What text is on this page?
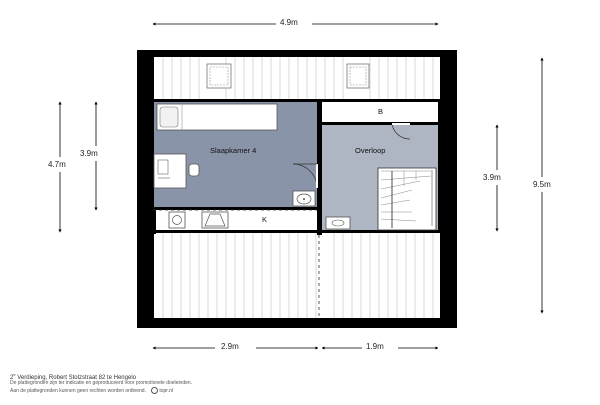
4.9m
4.7m
3.9m
3.9m
9.5m
2.9m	1.9m
Slaapkamer 4	Overloop
B
K
2e Verdieping, Robert Stolzstraat 82 te Hengelo
De plattegronden zijn ter indicatie en geproduceerd voor promotionele doeleinden.
Aan de plattegronden kunnen geen rechten worden ontleend.	topr.nl
